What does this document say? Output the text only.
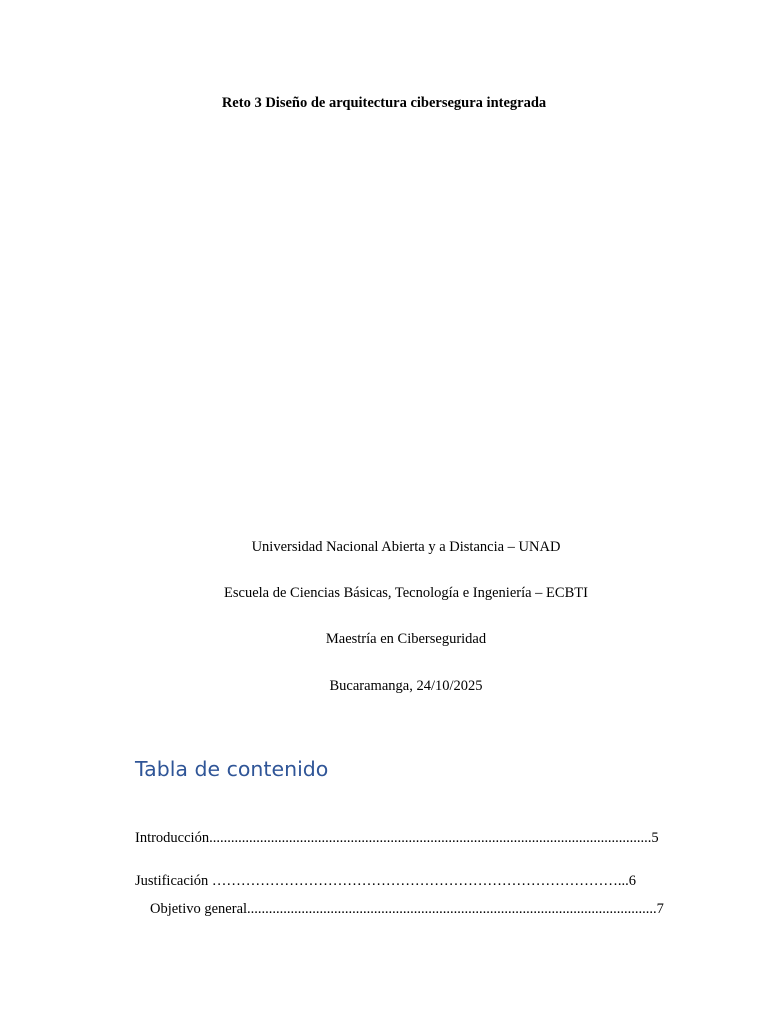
Reto 3 Diseño de arquitectura cibersegura integrada
Universidad Nacional Abierta y a Distancia – UNAD
Escuela de Ciencias Básicas, Tecnología e Ingeniería – ECBTI
Maestría en Ciberseguridad
Bucaramanga, 24/10/2025
Tabla de contenido
Introducción..........................................................................................................................5
Justificación …………………………………………………………………………...6
Objetivo general.................................................................................................................7
